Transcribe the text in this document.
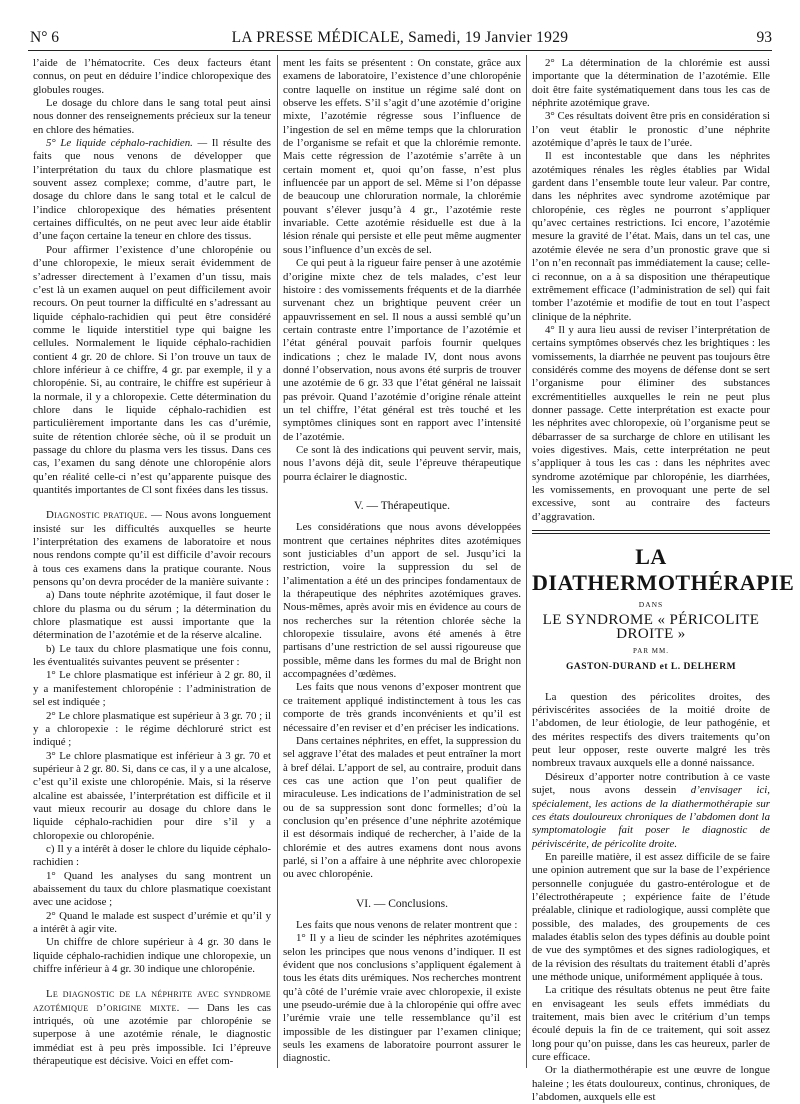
N° 6	LA PRESSE MÉDICALE, Samedi, 19 Janvier 1929	93

l’aide de l’hématocrite. Ces deux facteurs étant connus, on peut en déduire l’indice chloropexique des globules rouges.

Le dosage du chlore dans le sang total peut ainsi nous donner des renseignements précieux sur la teneur en chlore des hématies.

5° Le liquide céphalo-rachidien. — Il résulte des faits que nous venons de développer que l’interprétation du taux du chlore plasmatique est souvent assez complexe; comme, d’autre part, le dosage du chlore dans le sang total et le calcul de l’indice chloropexique des hématies présentent certaines difficultés, on ne peut avec leur aide établir d’une façon certaine la teneur en chlore des tissus.

Pour affirmer l’existence d’une chloropénie ou d’une chloropexie, le mieux serait évidemment de s’adresser directement à l’examen d’un tissu, mais c’est là un examen auquel on peut difficilement avoir recours. On peut tourner la difficulté en s’adressant au liquide céphalo-rachidien qui peut être considéré comme le liquide interstitiel type qui baigne les cellules. Normalement le liquide céphalo-rachidien contient 4 gr. 20 de chlore. Si l’on trouve un taux de chlore inférieur à ce chiffre, 4 gr. par exemple, il y a chloropénie. Si, au contraire, le chiffre est supérieur à la normale, il y a chloropexie. Cette détermination du chlore dans le liquide céphalo-rachidien est particulièrement importante dans les cas d’urémie, suite de rétention chlorée sèche, où il se produit un passage du chlore du plasma vers les tissus. Dans ces cas, l’examen du sang dénote une chloropénie alors qu’en réalité celle-ci n’est qu’apparente puisque des quantités importantes de Cl sont fixées dans les tissus.

Diagnostic pratique. — Nous avons longuement insisté sur les difficultés auxquelles se heurte l’interprétation des examens de laboratoire et nous nous rendons compte qu’il est difficile d’avoir recours à tous ces examens dans la pratique courante. Nous pensons qu’on devra procéder de la manière suivante :

a) Dans toute néphrite azotémique, il faut doser le chlore du plasma ou du sérum ; la détermination du chlore plasmatique est aussi importante que la détermination de l’azotémie et de la réserve alcaline.

b) Le taux du chlore plasmatique une fois connu, les éventualités suivantes peuvent se présenter :

1° Le chlore plasmatique est inférieur à 2 gr. 80, il y a manifestement chloropénie : l’administration de sel est indiquée ;

2° Le chlore plasmatique est supérieur à 3 gr. 70 ; il y a chloropexie : le régime déchloruré strict est indiqué ;

3° Le chlore plasmatique est inférieur à 3 gr. 70 et supérieur à 2 gr. 80. Si, dans ce cas, il y a une alcalose, c’est qu’il existe une chloropénie. Mais, si la réserve alcaline est abaissée, l’interprétation est difficile et il vaut mieux recourir au dosage du chlore dans le liquide céphalo-rachidien pour dire s’il y a chloropexie ou chloropénie.

c) Il y a intérêt à doser le chlore du liquide céphalo-rachidien :

1° Quand les analyses du sang montrent un abaissement du taux du chlore plasmatique coexistant avec une acidose ;

2° Quand le malade est suspect d’urémie et qu’il y a intérêt à agir vite.

Un chiffre de chlore supérieur à 4 gr. 30 dans le liquide céphalo-rachidien indique une chloropexie, un chiffre inférieur à 4 gr. 30 indique une chloropénie.

Le diagnostic de la néphrite avec syndrome azotémique d’origine mixte. — Dans les cas intriqués, où une azotémie par chloropénie se superpose à une azotémie rénale, le diagnostic immédiat est à peu près impossible. Ici l’épreuve thérapeutique est décisive. Voici en effet com-

ment les faits se présentent : On constate, grâce aux examens de laboratoire, l’existence d’une chloropénie contre laquelle on institue un régime salé dont on observe les effets. S’il s’agit d’une azotémie d’origine mixte, l’azotémie régresse sous l’influence de l’ingestion de sel en même temps que la chloruration de l’organisme se refait et que la chlorémie remonte. Mais cette régression de l’azotémie s’arrête à un certain moment et, quoi qu’on fasse, n’est plus influencée par un apport de sel. Même si l’on dépasse de beaucoup une chloruration normale, la chlorémie pouvant s’élever jusqu’à 4 gr., l’azotémie reste invariable. Cette azotémie résiduelle est due à la lésion rénale qui persiste et elle peut même augmenter sous l’influence d’un excès de sel.

Ce qui peut à la rigueur faire penser à une azotémie d’origine mixte chez de tels malades, c’est leur histoire : des vomissements fréquents et de la diarrhée survenant chez un brightique peuvent créer un appauvrissement en sel. Il nous a aussi semblé qu’un certain contraste entre l’importance de l’azotémie et l’état général pouvait parfois fournir quelques indications ; chez le malade IV, dont nous avons donné l’observation, nous avons été surpris de trouver une azotémie de 6 gr. 33 que l’état général ne laissait pas prévoir. Quand l’azotémie d’origine rénale atteint un tel chiffre, l’état général est très touché et les symptômes cliniques sont en rapport avec l’intensité de l’azotémie.

Ce sont là des indications qui peuvent servir, mais, nous l’avons déjà dit, seule l’épreuve thérapeutique pourra éclairer le diagnostic.

V. — Thérapeutique.

Les considérations que nous avons développées montrent que certaines néphrites dites azotémiques sont justiciables d’un apport de sel. Jusqu’ici la restriction, voire la suppression du sel de l’alimentation a été un des principes fondamentaux de la thérapeutique des néphrites azotémiques graves. Nous-mêmes, après avoir mis en évidence au cours de nos recherches sur la rétention chlorée sèche la chloropexie tissulaire, avons été amenés à être partisans d’une restriction de sel aussi rigoureuse que possible, même dans les formes du mal de Bright non accompagnées d’œdèmes.

Les faits que nous venons d’exposer montrent que ce traitement appliqué indistinctement à tous les cas comporte de très grands inconvénients et qu’il est nécessaire d’en reviser et d’en préciser les indications.

Dans certaines néphrites, en effet, la suppression du sel aggrave l’état des malades et peut entraîner la mort à bref délai. L’apport de sel, au contraire, produit dans ces cas une action que l’on peut qualifier de miraculeuse. Les indications de l’administration de sel ou de sa suppression sont donc formelles; d’où la conclusion qu’en présence d’une néphrite azotémique il est désormais indiqué de rechercher, à l’aide de la chlorémie et des autres examens dont nous avons parlé, si l’on a affaire à une néphrite avec chloropexie ou avec chloropénie.

VI. — Conclusions.

Les faits que nous venons de relater montrent que :

1° Il y a lieu de scinder les néphrites azotémiques selon les principes que nous venons d’indiquer. Il est évident que nos conclusions s’appliquent également à tous les états dits urémiques. Nos recherches montrent qu’à côté de l’urémie vraie avec chloropexie, il existe une pseudo-urémie due à la chloropénie qui offre avec l’urémie vraie une telle ressemblance qu’il est impossible de les distinguer par l’examen clinique; seuls les examens de laboratoire pourront assurer le diagnostic.

2° La détermination de la chlorémie est aussi importante que la détermination de l’azotémie. Elle doit être faite systématiquement dans tous les cas de néphrite azotémique grave.

3° Ces résultats doivent être pris en considération si l’on veut établir le pronostic d’une néphrite azotémique d’après le taux de l’urée.

Il est incontestable que dans les néphrites azotémiques rénales les règles établies par Widal gardent dans l’ensemble toute leur valeur. Par contre, dans les néphrites avec syndrome azotémique par chloropénie, ces règles ne pourront s’appliquer qu’avec certaines restrictions. Ici encore, l’azotémie mesure la gravité de l’état. Mais, dans un tel cas, une azotémie élevée ne sera d’un pronostic grave que si l’on n’en reconnaît pas immédiatement la cause; celle-ci reconnue, on a à sa disposition une thérapeutique extrêmement efficace (l’administration de sel) qui fait tomber l’azotémie et modifie de tout en tout l’aspect clinique de la néphrite.

4° Il y aura lieu aussi de reviser l’interprétation de certains symptômes observés chez les brightiques : les vomissements, la diarrhée ne peuvent pas toujours être considérés comme des moyens de défense dont se sert l’organisme pour éliminer des substances excrémentitielles auxquelles le rein ne peut plus donner passage. Cette interprétation est exacte pour les néphrites avec chloropexie, où l’organisme peut se débarrasser de sa surcharge de chlore en utilisant les voies digestives. Mais, cette interprétation ne peut s’appliquer à tous les cas : dans les néphrites avec syndrome azotémique par chloropénie, les diarrhées, les vomissements, en provoquant une perte de sel excessive, sont au contraire des facteurs d’aggravation.

LA DIATHERMOTHÉRAPIE
DANS
LE SYNDROME « PÉRICOLITE DROITE »
PAR MM.
GASTON-DURAND et L. DELHERM

La question des péricolites droites, des périviscérites associées de la moitié droite de l’abdomen, de leur étiologie, de leur pathogénie, et des mérites respectifs des divers traitements qu’on peut leur opposer, reste ouverte malgré les très nombreux travaux auxquels elle a donné naissance.

Désireux d’apporter notre contribution à ce vaste sujet, nous avons dessein d’envisager ici, spécialement, les actions de la diathermothérapie sur ces états douloureux chroniques de l’abdomen dont la symptomatologie fait poser le diagnostic de périviscérite, de péricolite droite.

En pareille matière, il est assez difficile de se faire une opinion autrement que sur la base de l’expérience personnelle conjuguée du gastro-entérologue et de l’électrothérapeute ; expérience faite de l’étude préalable, clinique et radiologique, aussi complète que possible, des malades, des groupements de ces malades établis selon des types définis au double point de vue des symptômes et des signes radiologiques, et de la révision des résultats du traitement établi d’après une méthode unique, uniformément appliquée à tous.

La critique des résultats obtenus ne peut être faite en envisageant les seuls effets immédiats du traitement, mais bien avec le critérium d’un temps écoulé depuis la fin de ce traitement, qui soit assez long pour qu’on puisse, dans les cas heureux, parler de cure efficace.

Or la diathermothérapie est une œuvre de longue haleine ; les états douloureux, continus, chroniques, de l’abdomen, auxquels elle est
